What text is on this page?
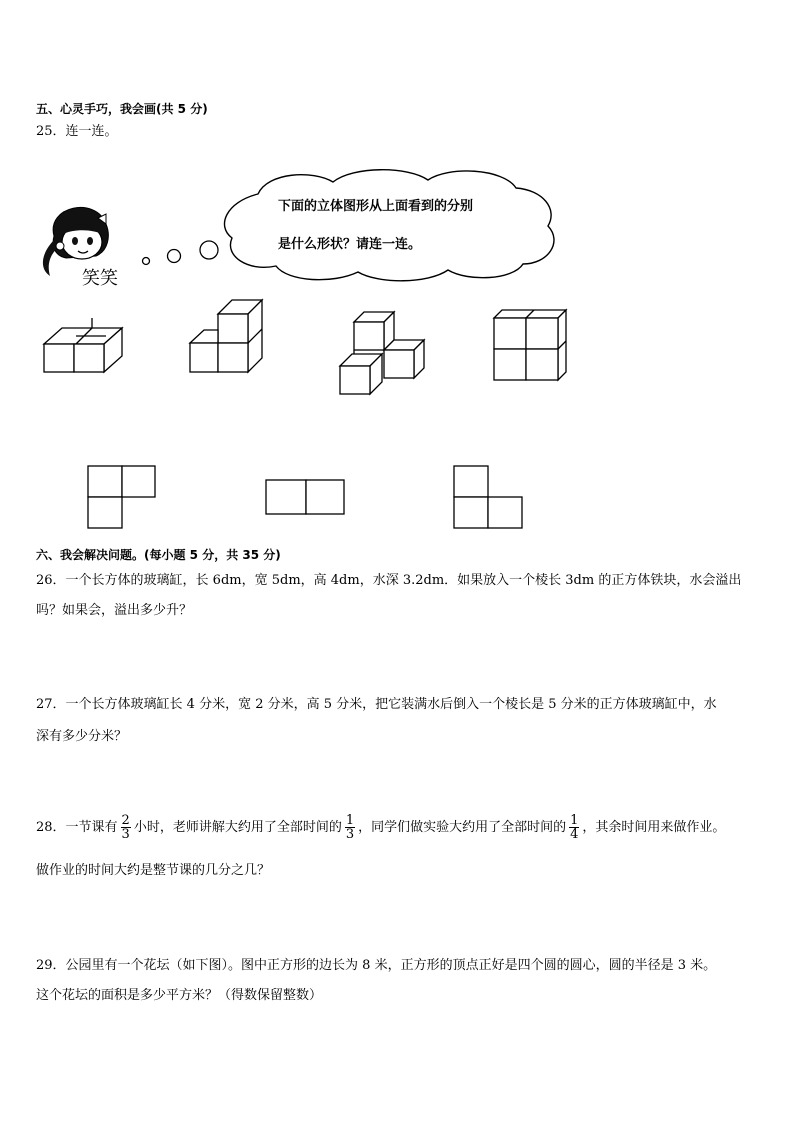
五、心灵手巧，我会画(共 5 分)
25．连一连。
笑笑
下面的立体图形从上面看到的分别
是什么形状？请连一连。
六、我会解决问题。(每小题 5 分，共 35 分)
26．一个长方体的玻璃缸，长 6dm，宽 5dm，高 4dm，水深 3.2dm．如果放入一个棱长 3dm 的正方体铁块，水会溢出
吗？如果会，溢出多少升？
27．一个长方体玻璃缸长 4 分米，宽 2 分米，高 5 分米，把它装满水后倒入一个棱长是 5 分米的正方体玻璃缸中，水
深有多少分米？
28．一节课有 $\frac{2}{3}$ 小时，老师讲解大约用了全部时间的 $\frac{1}{3}$ ，同学们做实验大约用了全部时间的 $\frac{1}{4}$ ，其余时间用来做作业。
做作业的时间大约是整节课的几分之几？
29．公园里有一个花坛（如下图）。图中正方形的边长为 8 米，正方形的顶点正好是四个圆的圆心，圆的半径是 3 米。
这个花坛的面积是多少平方米？（得数保留整数）
